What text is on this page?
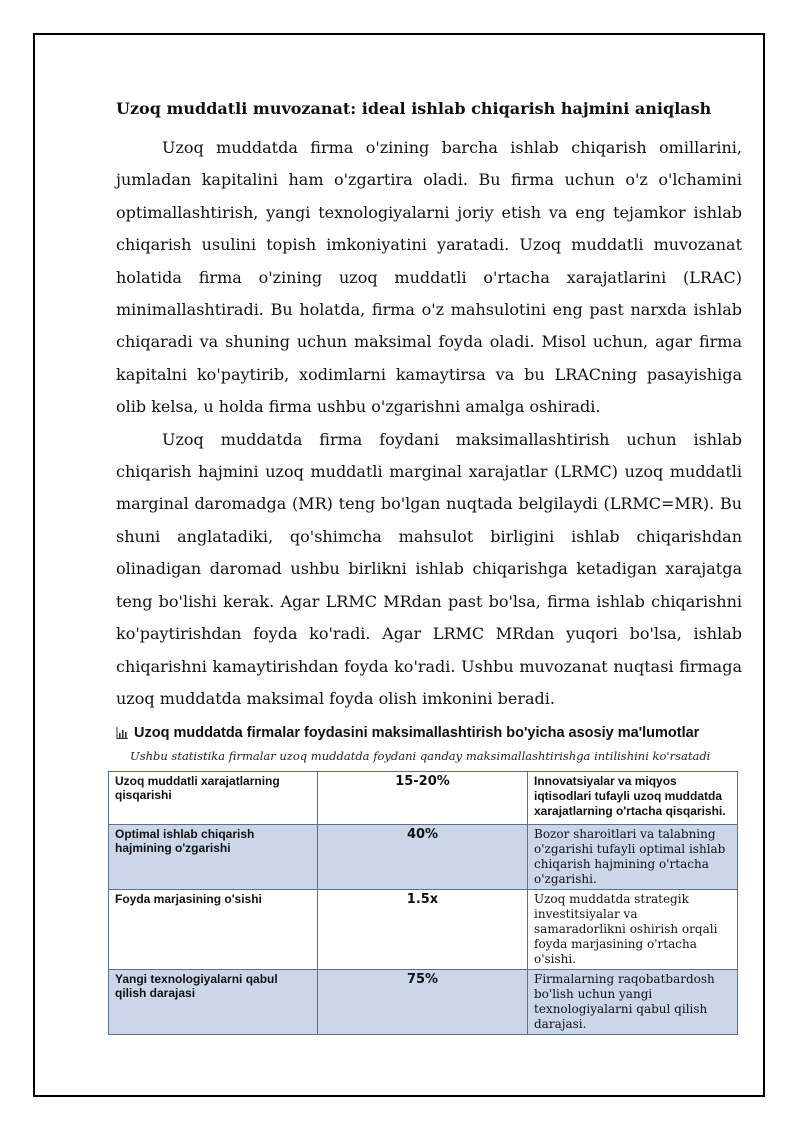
Uzoq muddatli muvozanat: ideal ishlab chiqarish hajmini aniqlash

Uzoq muddatda firma o'zining barcha ishlab chiqarish omillarini, jumladan kapitalini ham o'zgartira oladi. Bu firma uchun o'z o'lchamini optimallashtirish, yangi texnologiyalarni joriy etish va eng tejamkor ishlab chiqarish usulini topish imkoniyatini yaratadi. Uzoq muddatli muvozanat holatida firma o'zining uzoq muddatli o'rtacha xarajatlarini (LRAC) minimallashtiradi. Bu holatda, firma o'z mahsulotini eng past narxda ishlab chiqaradi va shuning uchun maksimal foyda oladi. Misol uchun, agar firma kapitalni ko'paytirib, xodimlarni kamaytirsa va bu LRACning pasayishiga olib kelsa, u holda firma ushbu o'zgarishni amalga oshiradi.

Uzoq muddatda firma foydani maksimallashtirish uchun ishlab chiqarish hajmini uzoq muddatli marginal xarajatlar (LRMC) uzoq muddatli marginal daromadga (MR) teng bo'lgan nuqtada belgilaydi (LRMC=MR). Bu shuni anglatadiki, qo'shimcha mahsulot birligini ishlab chiqarishdan olinadigan daromad ushbu birlikni ishlab chiqarishga ketadigan xarajatga teng bo'lishi kerak. Agar LRMC MRdan past bo'lsa, firma ishlab chiqarishni ko'paytirishdan foyda ko'radi. Agar LRMC MRdan yuqori bo'lsa, ishlab chiqarishni kamaytirishdan foyda ko'radi. Ushbu muvozanat nuqtasi firmaga uzoq muddatda maksimal foyda olish imkonini beradi.

Uzoq muddatda firmalar foydasini maksimallashtirish bo'yicha asosiy ma'lumotlar
Ushbu statistika firmalar uzoq muddatda foydani qanday maksimallashtirishga intilishini ko'rsatadi
Uzoq muddatli xarajatlarning qisqarishi	15-20%	Innovatsiyalar va miqyos iqtisodlari tufayli uzoq muddatda xarajatlarning o'rtacha qisqarishi.
Optimal ishlab chiqarish hajmining o'zgarishi	40%	Bozor sharoitlari va talabning o'zgarishi tufayli optimal ishlab chiqarish hajmining o'rtacha o'zgarishi.
Foyda marjasining o'sishi	1.5x	Uzoq muddatda strategik investitsiyalar va samaradorlikni oshirish orqali foyda marjasining o'rtacha o'sishi.
Yangi texnologiyalarni qabul qilish darajasi	75%	Firmalarning raqobatbardosh bo'lish uchun yangi texnologiyalarni qabul qilish darajasi.
